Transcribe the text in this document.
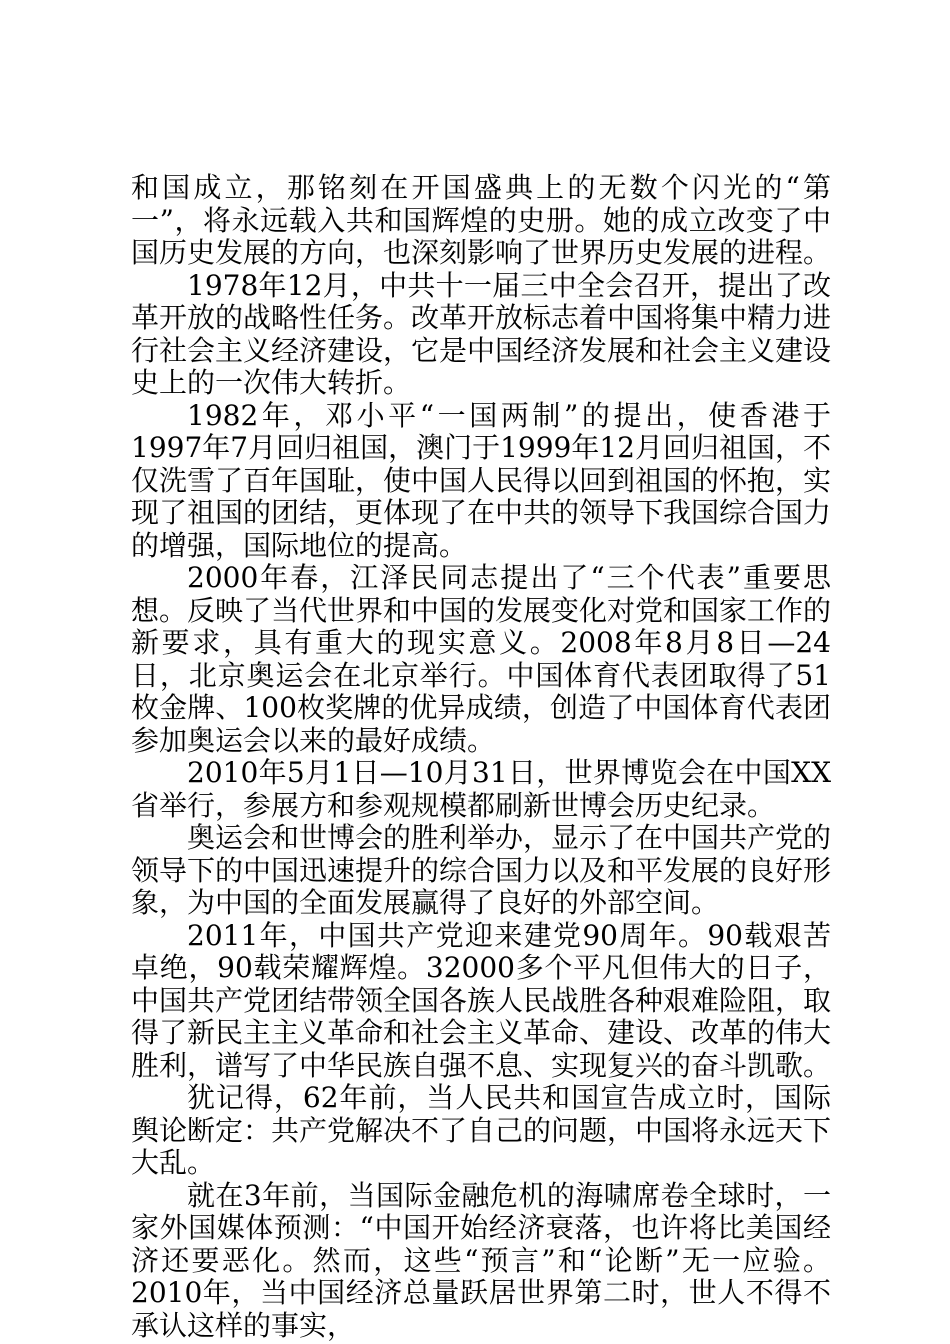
和国成立，那铭刻在开国盛典上的无数个闪光的“第一”，将永远载入共和国辉煌的史册。她的成立改变了中国历史发展的方向，也深刻影响了世界历史发展的进程。

1978年12月，中共十一届三中全会召开，提出了改革开放的战略性任务。改革开放标志着中国将集中精力进行社会主义经济建设，它是中国经济发展和社会主义建设史上的一次伟大转折。

1982年，邓小平“一国两制”的提出，使香港于1997年7月回归祖国，澳门于1999年12月回归祖国，不仅洗雪了百年国耻，使中国人民得以回到祖国的怀抱，实现了祖国的团结，更体现了在中共的领导下我国综合国力的增强，国际地位的提高。

2000年春，江泽民同志提出了“三个代表”重要思想。反映了当代世界和中国的发展变化对党和国家工作的新要求，具有重大的现实意义。2008年8月8日—24日，北京奥运会在北京举行。中国体育代表团取得了51枚金牌、100枚奖牌的优异成绩，创造了中国体育代表团参加奥运会以来的最好成绩。

2010年5月1日—10月31日，世界博览会在中国XX省举行，参展方和参观规模都刷新世博会历史纪录。

奥运会和世博会的胜利举办，显示了在中国共产党的领导下的中国迅速提升的综合国力以及和平发展的良好形象，为中国的全面发展赢得了良好的外部空间。

2011年，中国共产党迎来建党90周年。90载艰苦卓绝，90载荣耀辉煌。32000多个平凡但伟大的日子，中国共产党团结带领全国各族人民战胜各种艰难险阻，取得了新民主主义革命和社会主义革命、建设、改革的伟大胜利，谱写了中华民族自强不息、实现复兴的奋斗凯歌。

犹记得，62年前，当人民共和国宣告成立时，国际舆论断定：共产党解决不了自己的问题，中国将永远天下大乱。

就在3年前，当国际金融危机的海啸席卷全球时，一家外国媒体预测：“中国开始经济衰落，也许将比美国经济还要恶化。然而，这些“预言”和“论断”无一应验。2010年，当中国经济总量跃居世界第二时，世人不得不承认这样的事实，
